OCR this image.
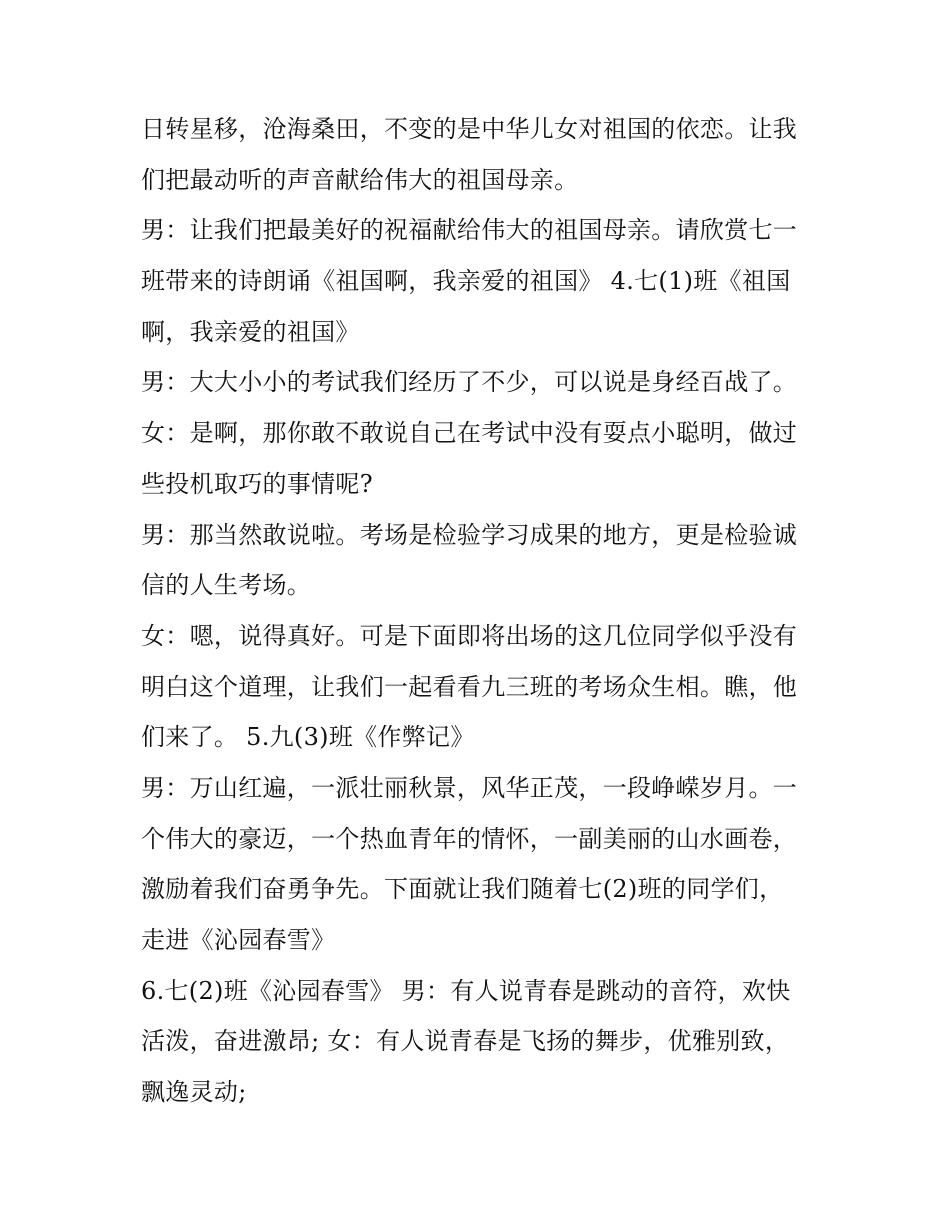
日转星移，沧海桑田，不变的是中华儿女对祖国的依恋。让我
们把最动听的声音献给伟大的祖国母亲。
男：让我们把最美好的祝福献给伟大的祖国母亲。请欣赏七一
班带来的诗朗诵《祖国啊，我亲爱的祖国》 4.七(1)班《祖国
啊，我亲爱的祖国》
男：大大小小的考试我们经历了不少，可以说是身经百战了。
女：是啊，那你敢不敢说自己在考试中没有耍点小聪明，做过
些投机取巧的事情呢?
男：那当然敢说啦。考场是检验学习成果的地方，更是检验诚
信的人生考场。
女：嗯，说得真好。可是下面即将出场的这几位同学似乎没有
明白这个道理，让我们一起看看九三班的考场众生相。瞧，他
们来了。 5.九(3)班《作弊记》
男：万山红遍，一派壮丽秋景，风华正茂，一段峥嵘岁月。一
个伟大的豪迈，一个热血青年的情怀，一副美丽的山水画卷，
激励着我们奋勇争先。下面就让我们随着七(2)班的同学们，
走进《沁园春雪》
6.七(2)班《沁园春雪》 男：有人说青春是跳动的音符，欢快
活泼，奋进激昂; 女：有人说青春是飞扬的舞步，优雅别致，
飘逸灵动;
